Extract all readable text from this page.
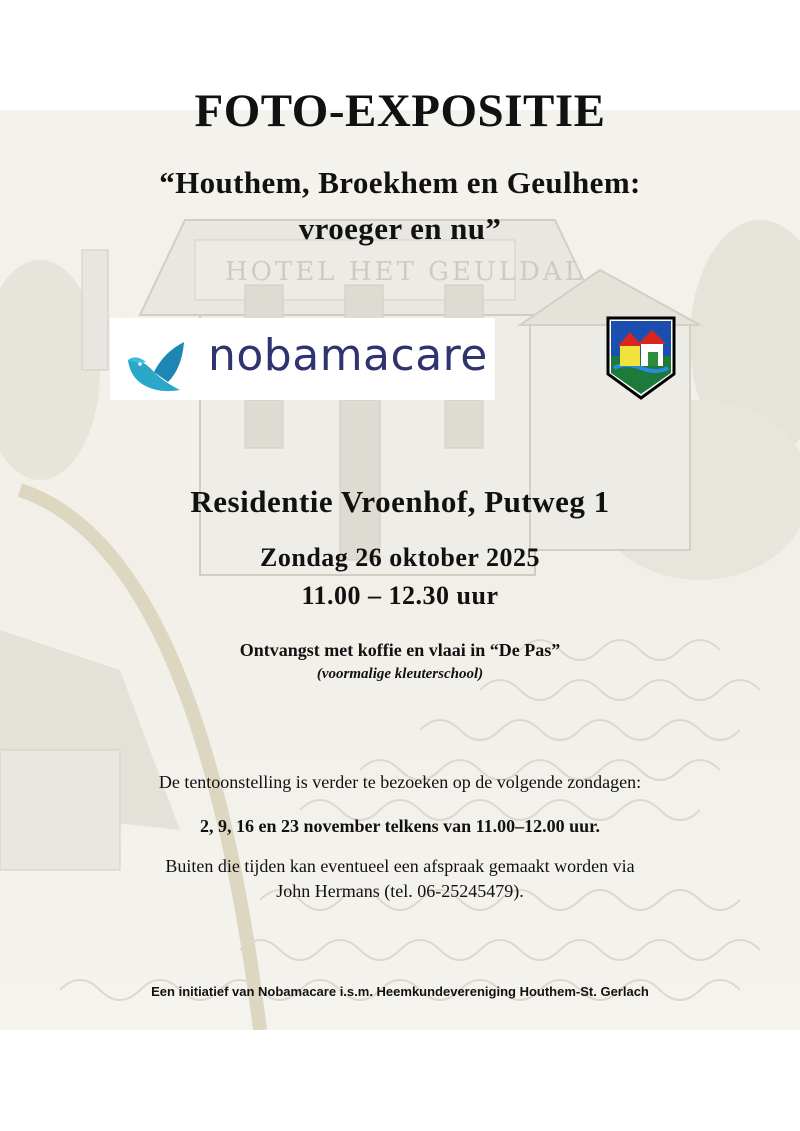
HOTEL HET GEULDAL
FOTO-EXPOSITIE
“Houthem, Broekhem en Geulhem:
vroeger en nu”
nobamacare
Residentie Vroenhof, Putweg 1
Zondag 26 oktober 2025
11.00 – 12.30 uur
Ontvangst met koffie en vlaai in “De Pas”
(voormalige kleuterschool)
De tentoonstelling is verder te bezoeken op de volgende zondagen:
2, 9, 16 en 23 november telkens van 11.00–12.00 uur.
Buiten die tijden kan eventueel een afspraak gemaakt worden via
John Hermans (tel. 06-25245479).
Een initiatief van Nobamacare i.s.m. Heemkundevereniging Houthem-St. Gerlach
